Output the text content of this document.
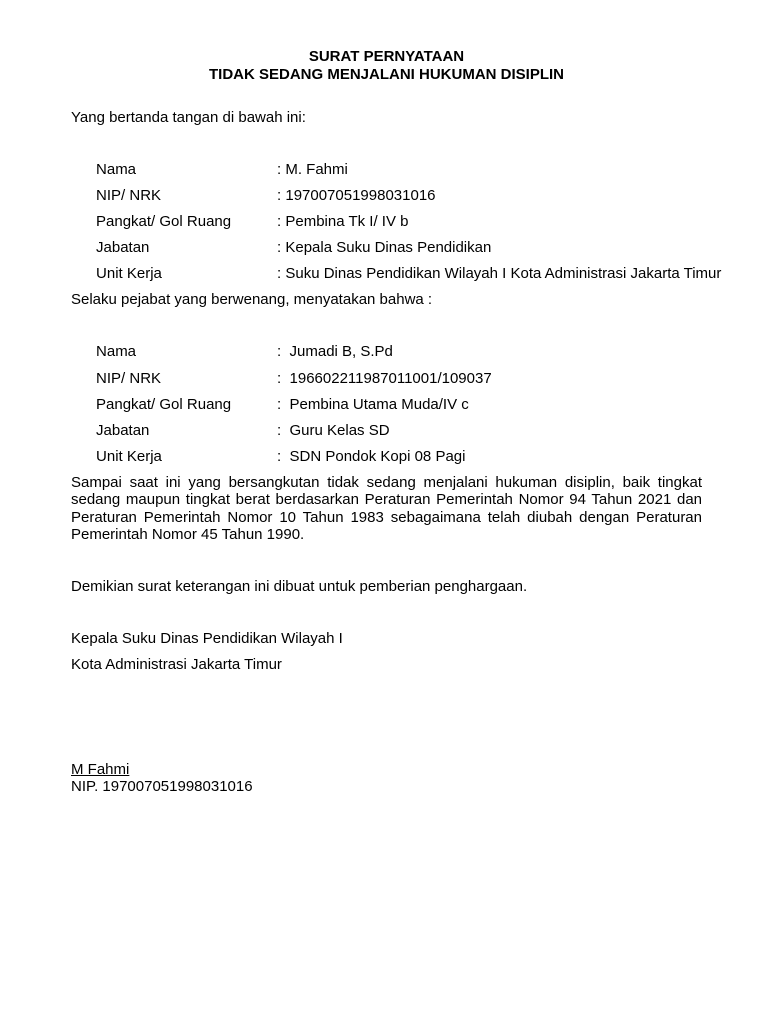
SURAT PERNYATAAN
TIDAK SEDANG MENJALANI HUKUMAN DISIPLIN
Yang bertanda tangan di bawah ini:

Nama	: M. Fahmi

NIP/ NRK	: 197007051998031016

Pangkat/ Gol Ruang	: Pembina Tk I/ IV b

Jabatan	: Kepala Suku Dinas Pendidikan

Unit Kerja	: Suku Dinas Pendidikan Wilayah I Kota Administrasi Jakarta Timur

Selaku pejabat yang berwenang, menyatakan bahwa :

Nama	:  Jumadi B, S.Pd

NIP/ NRK	:  196602211987011001/109037

Pangkat/ Gol Ruang	:  Pembina Utama Muda/IV c

Jabatan	:  Guru Kelas SD

Unit Kerja	:  SDN Pondok Kopi 08 Pagi

Sampai saat ini yang bersangkutan tidak sedang menjalani hukuman disiplin, baik tingkat sedang maupun tingkat berat berdasarkan Peraturan Pemerintah Nomor 94 Tahun 2021 dan Peraturan Pemerintah Nomor 10 Tahun 1983 sebagaimana telah diubah dengan Peraturan Pemerintah Nomor 45 Tahun 1990.
Demikian surat keterangan ini dibuat untuk pemberian penghargaan.
Kepala Suku Dinas Pendidikan Wilayah I
Kota Administrasi Jakarta Timur
M Fahmi
NIP. 197007051998031016
